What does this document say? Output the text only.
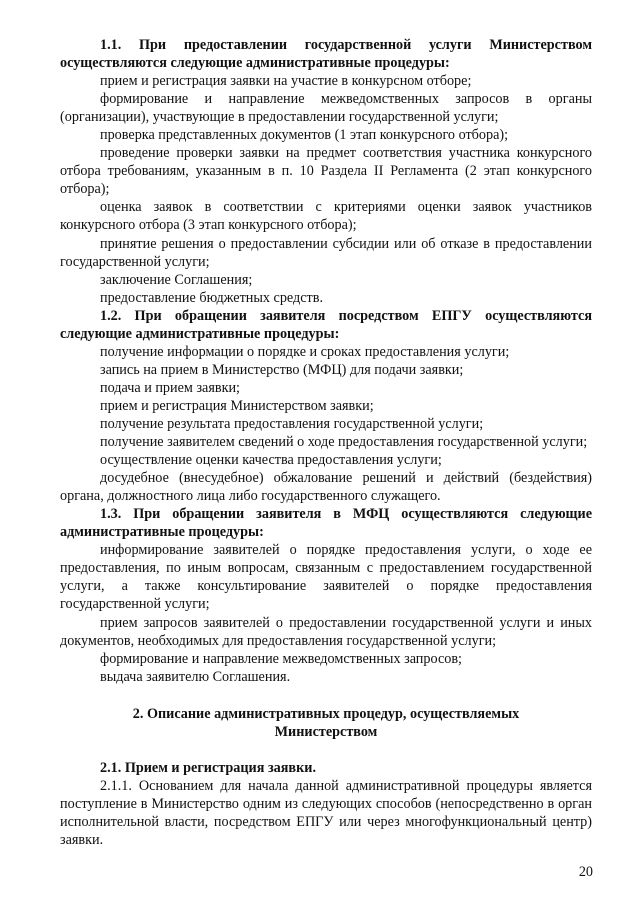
1.1. При предоставлении государственной услуги Министерством осуществляются следующие административные процедуры:

прием и регистрация заявки на участие в конкурсном отборе;

формирование и направление межведомственных запросов в органы (организации), участвующие в предоставлении государственной услуги;

проверка представленных документов (1 этап конкурсного отбора);

проведение проверки заявки на предмет соответствия участника конкурсного отбора требованиям, указанным в п. 10 Раздела II Регламента (2 этап конкурсного отбора);

оценка заявок в соответствии с критериями оценки заявок участников конкурсного отбора (3 этап конкурсного отбора);

принятие решения о предоставлении субсидии или об отказе в предоставлении государственной услуги;

заключение Соглашения;

предоставление бюджетных средств.

1.2. При обращении заявителя посредством ЕПГУ осуществляются следующие административные процедуры:

получение информации о порядке и сроках предоставления услуги;

запись на прием в Министерство (МФЦ) для подачи заявки;

подача и прием заявки;

прием и регистрация Министерством заявки;

получение результата предоставления государственной услуги;

получение заявителем сведений о ходе предоставления государственной услуги;

осуществление оценки качества предоставления услуги;

досудебное (внесудебное) обжалование решений и действий (бездействия) органа, должностного лица либо государственного служащего.

1.3. При обращении заявителя в МФЦ осуществляются следующие административные процедуры:

информирование заявителей о порядке предоставления услуги, о ходе ее предоставления, по иным вопросам, связанным с предоставлением государственной услуги, а также консультирование заявителей о порядке предоставления государственной услуги;

прием запросов заявителей о предоставлении государственной услуги и иных документов, необходимых для предоставления государственной услуги;

формирование и направление межведомственных запросов;

выдача заявителю Соглашения.

2. Описание административных процедур, осуществляемых Министерством
2.1. Прием и регистрация заявки.

2.1.1. Основанием для начала данной административной процедуры является поступление в Министерство одним из следующих способов (непосредственно в орган исполнительной власти, посредством ЕПГУ или через многофункциональный центр) заявки.

20
